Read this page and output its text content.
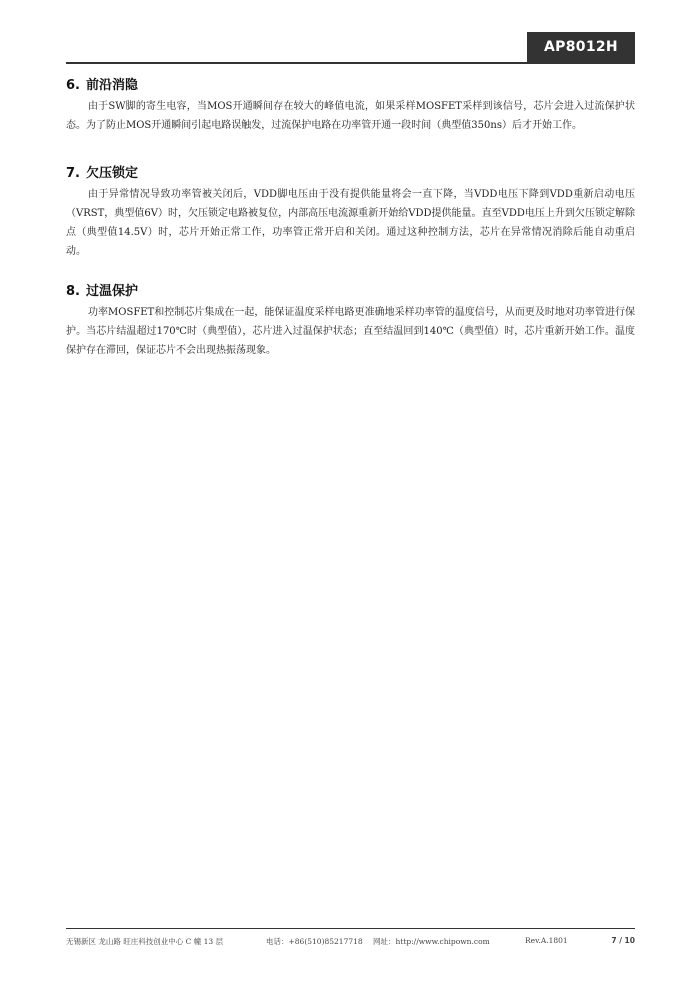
AP8012H
6. 前沿消隐

由于SW脚的寄生电容，当MOS开通瞬间存在较大的峰值电流，如果采样MOSFET采样到该信号，芯片会进入过流保护状态。为了防止MOS开通瞬间引起电路误触发，过流保护电路在功率管开通一段时间（典型值350ns）后才开始工作。

7. 欠压锁定

由于异常情况导致功率管被关闭后，VDD脚电压由于没有提供能量将会一直下降，当VDD电压下降到VDD重新启动电压（VRST，典型值6V）时，欠压锁定电路被复位，内部高压电流源重新开始给VDD提供能量。直至VDD电压上升到欠压锁定解除点（典型值14.5V）时，芯片开始正常工作，功率管正常开启和关闭。通过这种控制方法，芯片在异常情况消除后能自动重启动。

8. 过温保护

功率MOSFET和控制芯片集成在一起，能保证温度采样电路更准确地采样功率管的温度信号，从而更及时地对功率管进行保护。当芯片结温超过170℃时（典型值），芯片进入过温保护状态；直至结温回到140℃（典型值）时，芯片重新开始工作。温度保护存在滞回，保证芯片不会出现热振荡现象。

无锡新区 龙山路 旺庄科技创业中心 C 幢 13 层	电话：+86(510)85217718 网址：http://www.chipown.com	Rev.A.1801	7 / 10
